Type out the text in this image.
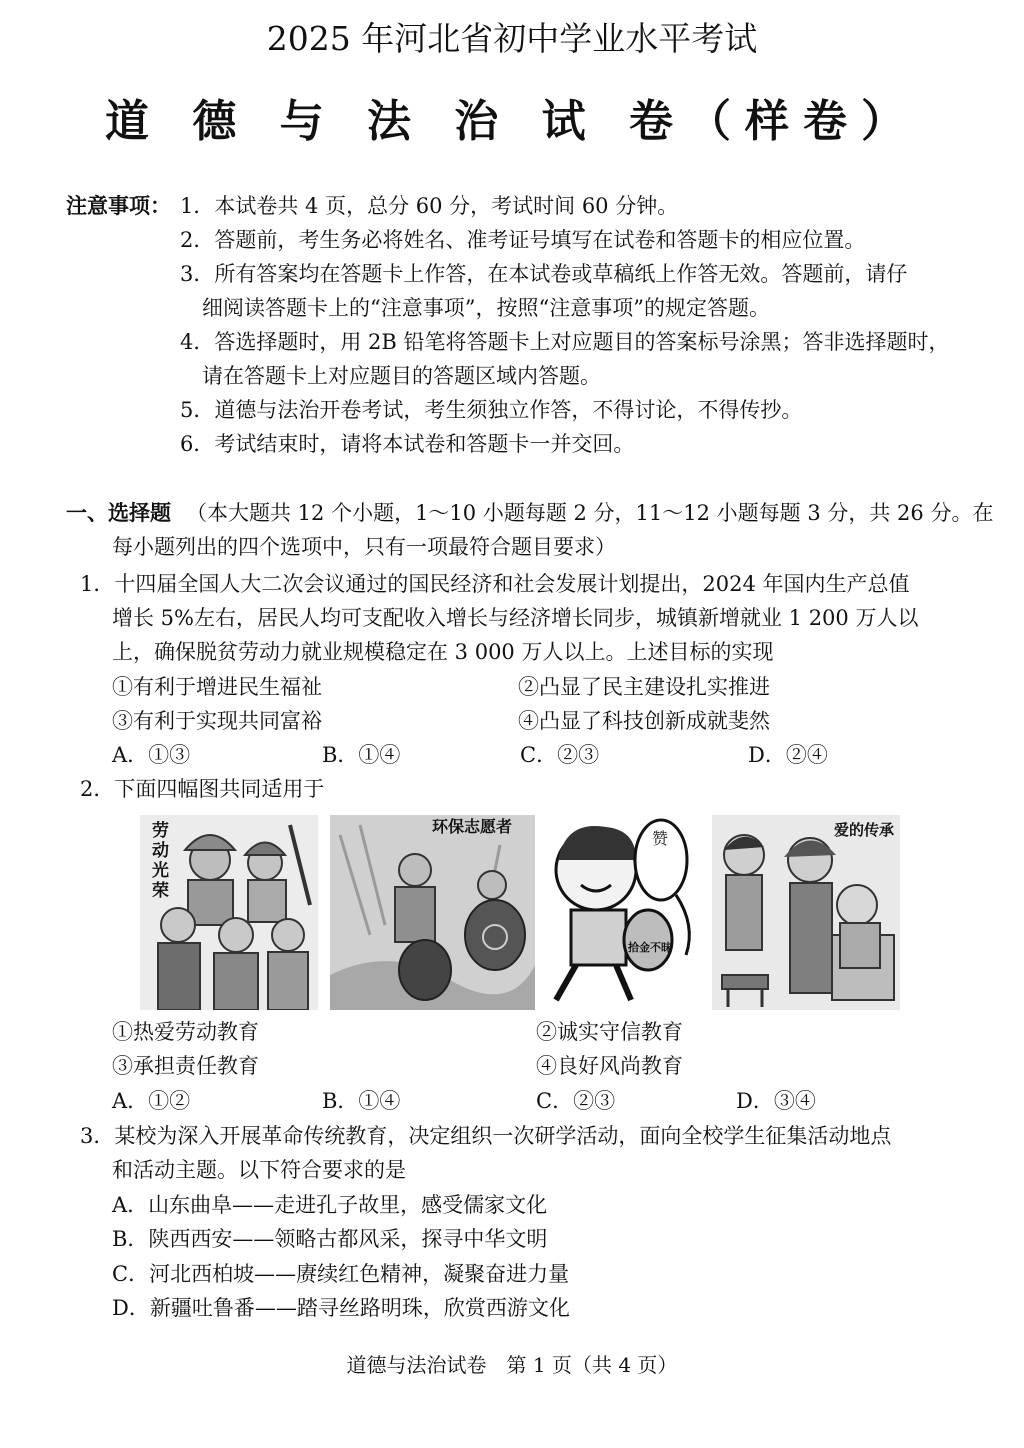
2025 年河北省初中学业水平考试
道 德 与 法 治 试 卷（样卷）
注意事项： 1．本试卷共 4 页，总分 60 分，考试时间 60 分钟。
2．答题前，考生务必将姓名、准考证号填写在试卷和答题卡的相应位置。
3．所有答案均在答题卡上作答，在本试卷或草稿纸上作答无效。答题前，请仔
细阅读答题卡上的“注意事项”，按照“注意事项”的规定答题。
4．答选择题时，用 2B 铅笔将答题卡上对应题目的答案标号涂黑；答非选择题时，
请在答题卡上对应题目的答题区域内答题。
5．道德与法治开卷考试，考生须独立作答，不得讨论，不得传抄。
6．考试结束时，请将本试卷和答题卡一并交回。
一、选择题 （本大题共 12 个小题，1～10 小题每题 2 分，11～12 小题每题 3 分，共 26 分。在
每小题列出的四个选项中，只有一项最符合题目要求）
1．十四届全国人大二次会议通过的国民经济和社会发展计划提出，2024 年国内生产总值
增长 5%左右，居民人均可支配收入增长与经济增长同步，城镇新增就业 1 200 万人以
上，确保脱贫劳动力就业规模稳定在 3 000 万人以上。上述目标的实现
①有利于增进民生福祉	②凸显了民主建设扎实推进
③有利于实现共同富裕	④凸显了科技创新成就斐然
A．①③	B．①④	C．②③	D．②④
2．下面四幅图共同适用于
劳动光荣
环保志愿者
赞
拾金不昧
爱的传承
①热爱劳动教育	②诚实守信教育
③承担责任教育	④良好风尚教育
A．①②	B．①④	C．②③	D．③④
3．某校为深入开展革命传统教育，决定组织一次研学活动，面向全校学生征集活动地点
和活动主题。以下符合要求的是
A．山东曲阜——走进孔子故里，感受儒家文化
B．陕西西安——领略古都风采，探寻中华文明
C．河北西柏坡——赓续红色精神，凝聚奋进力量
D．新疆吐鲁番——踏寻丝路明珠，欣赏西游文化
道德与法治试卷　第 1 页（共 4 页）
